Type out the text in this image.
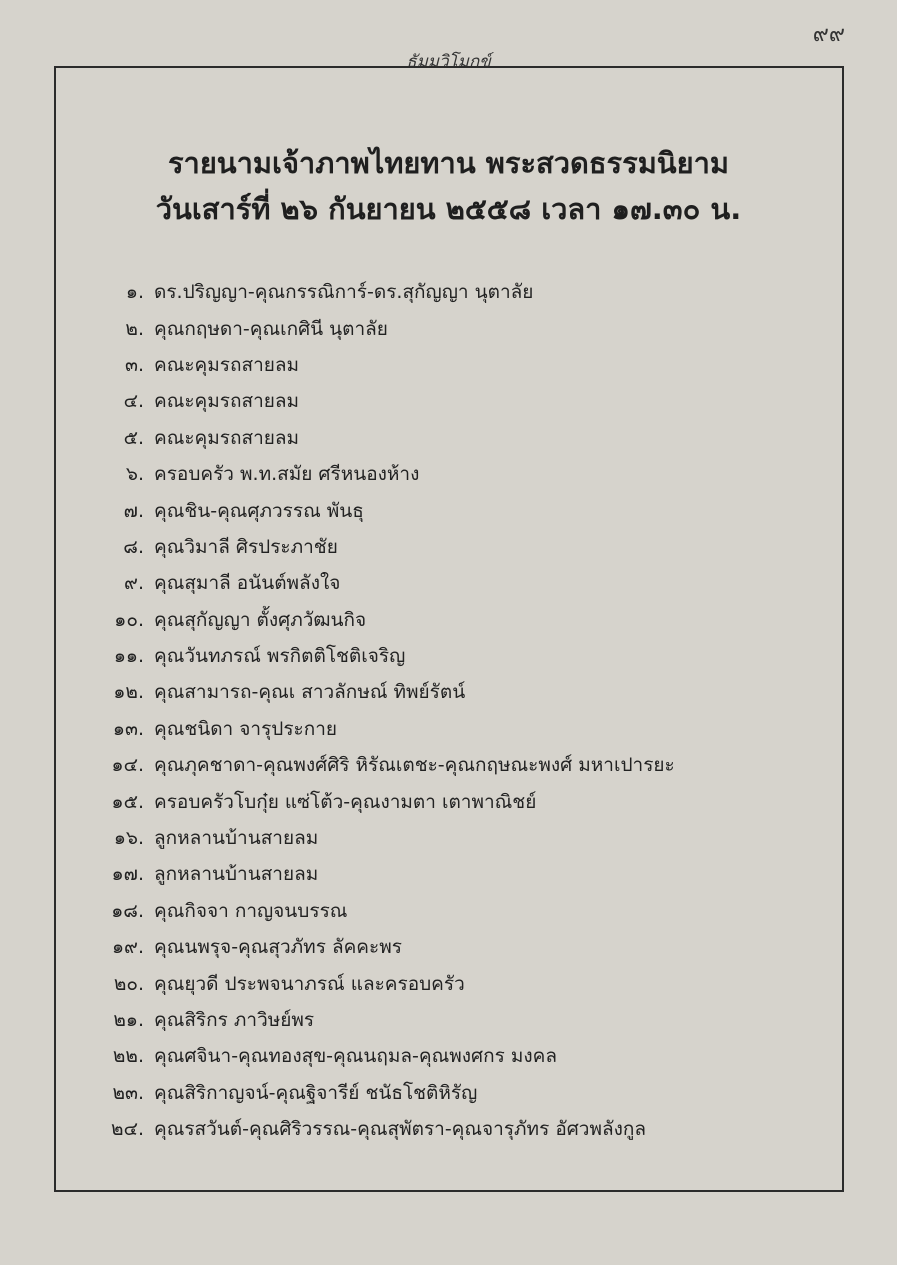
๙๙
ธัมมวิโมกข์
รายนามเจ้าภาพไทยทาน พระสวดธรรมนิยาม
วันเสาร์ที่ ๒๖ กันยายน ๒๕๕๘ เวลา ๑๗.๓๐ น.
๑. ดร.ปริญญา-คุณกรรณิการ์-ดร.สุกัญญา นุตาลัย
๒. คุณกฤษดา-คุณเกศินี นุตาลัย
๓. คณะคุมรถสายลม
๔. คณะคุมรถสายลม
๕. คณะคุมรถสายลม
๖. ครอบครัว พ.ท.สมัย ศรีหนองห้าง
๗. คุณชิน-คุณศุภวรรณ พันธุ
๘. คุณวิมาลี ศิรประภาชัย
๙. คุณสุมาลี อนันต์พลังใจ
๑๐. คุณสุกัญญา ตั้งศุภวัฒนกิจ
๑๑. คุณวันทภรณ์ พรกิตติโชติเจริญ
๑๒. คุณสามารถ-คุณเ สาวลักษณ์ ทิพย์รัตน์
๑๓. คุณชนิดา จารุประกาย
๑๔. คุณภุคชาดา-คุณพงศ์ศิริ หิรัณเตชะ-คุณกฤษณะพงศ์ มหาเปารยะ
๑๕. ครอบครัวโบกุ๋ย แซ่โต้ว-คุณงามตา เตาพาณิชย์
๑๖. ลูกหลานบ้านสายลม
๑๗. ลูกหลานบ้านสายลม
๑๘. คุณกิจจา กาญจนบรรณ
๑๙. คุณนพรุจ-คุณสุวภัทร ลัคคะพร
๒๐. คุณยุวดี ประพจนาภรณ์ และครอบครัว
๒๑. คุณสิริกร ภาวิษย์พร
๒๒. คุณศจินา-คุณทองสุข-คุณนฤมล-คุณพงศกร มงคล
๒๓. คุณสิริกาญจน์-คุณฐิจารีย์ ชนัธโชติหิรัญ
๒๔. คุณรสวันต์-คุณศิริวรรณ-คุณสุพัตรา-คุณจารุภัทร อัศวพลังกูล
